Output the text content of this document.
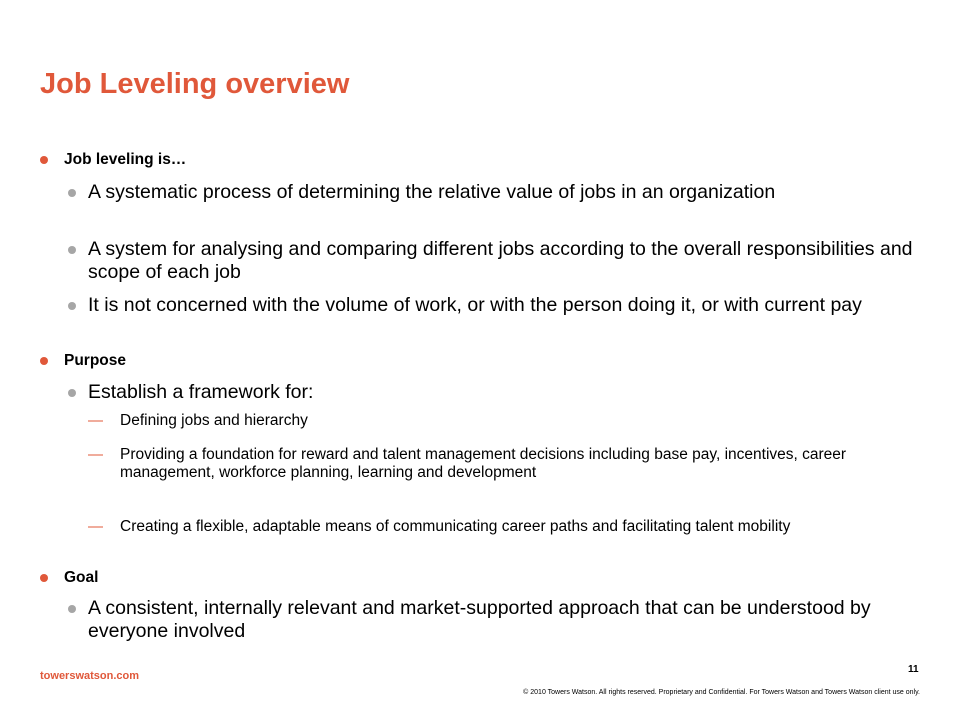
Job Leveling overview
Job leveling is…
A systematic process of determining the relative value of jobs in an organization
A system for analysing and comparing different jobs according to the overall responsibilities and scope of each job
It is not concerned with the volume of work, or with the person doing it, or with current pay
Purpose
Establish a framework for:
— Defining jobs and hierarchy
— Providing a foundation for reward and talent management decisions including base pay, incentives, career management, workforce planning, learning and development
— Creating a flexible, adaptable means of communicating career paths and facilitating talent mobility
Goal
A consistent, internally relevant and market-supported approach that can be understood by everyone involved
towerswatson.com
11
© 2010 Towers Watson. All rights reserved. Proprietary and Confidential. For Towers Watson and Towers Watson client use only.
